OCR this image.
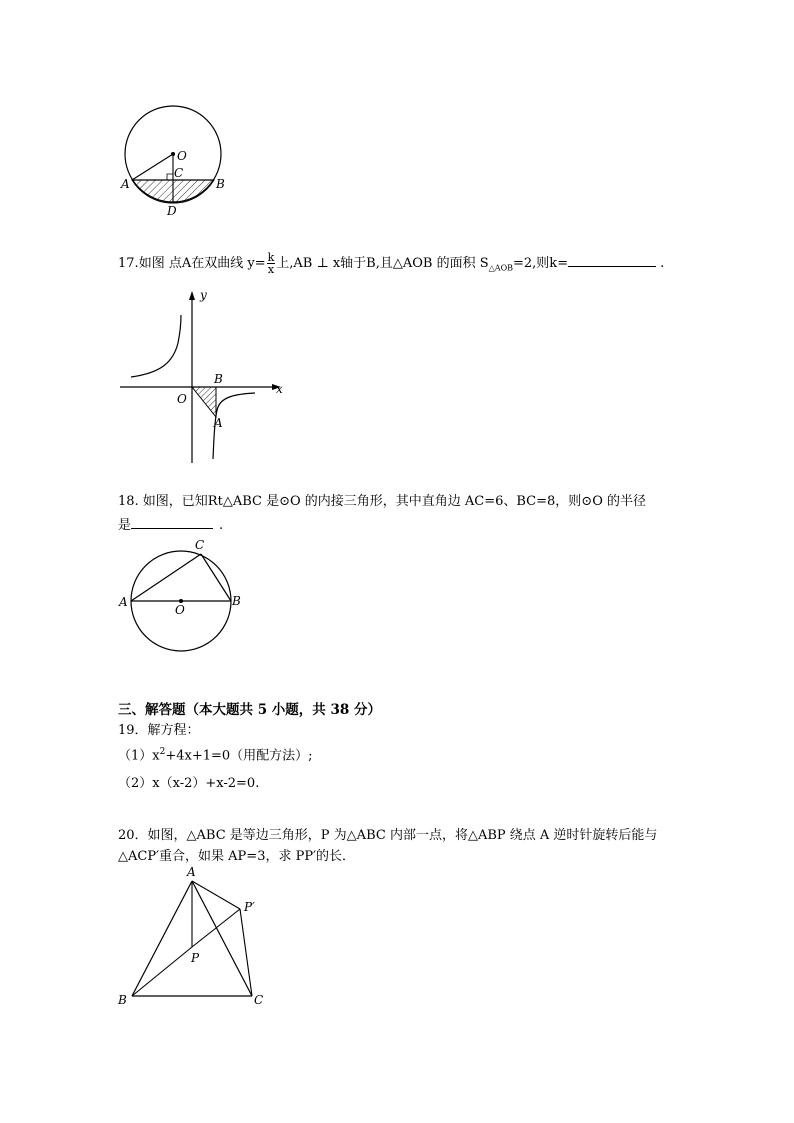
O
C
A	B
D
17.如图 点A在双曲线 $y= \frac{k}{x}$ 上,AB ⊥ x轴于B,且△AOB 的面积 $S_{\triangle AOB}=2$,则k=	.
y
x
O
B
A
18. 如图，已知Rt△ABC 是⊙O 的内接三角形，其中直角边 AC=6、BC=8，则⊙O 的半径
是	.
C
A	B
O
三、解答题（本大题共 5 小题，共 38 分）
19．解方程：
$(1)x^2+4x+1=0$（用配方法）;
（2）x（x-2）+x-2=0.
20．如图，△ABC 是等边三角形，P 为△ABC 内部一点，将△ABP 绕点 A 逆时针旋转后能与
△ACP′重合，如果 AP=3，求 PP′的长．
A
P′
P
B	C
